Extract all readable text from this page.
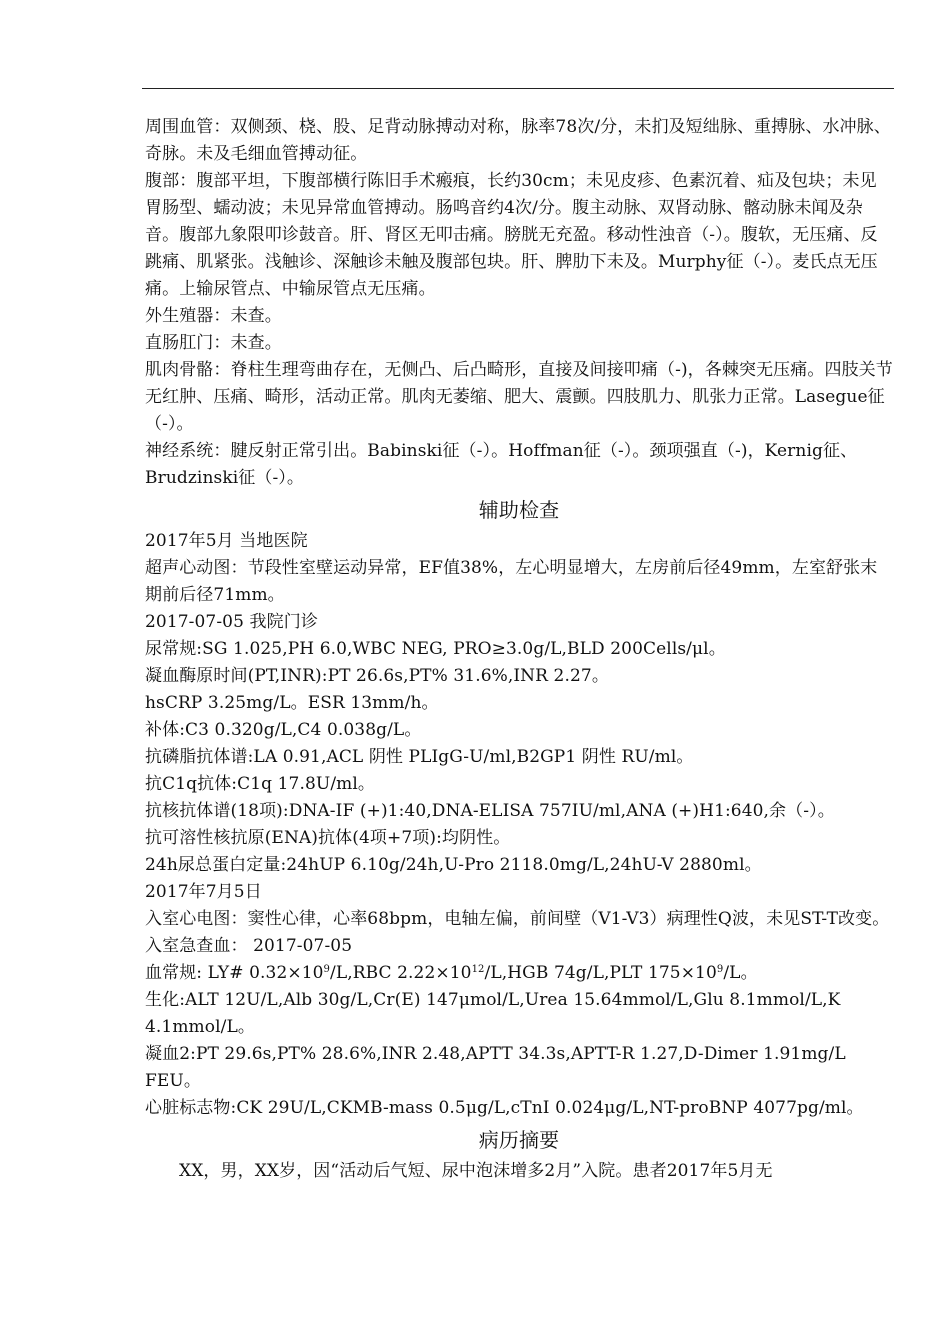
周围血管：双侧颈、桡、股、足背动脉搏动对称，脉率78次/分，未扪及短绌脉、重搏脉、水冲脉、奇脉。未及毛细血管搏动征。

腹部：腹部平坦，下腹部横行陈旧手术瘢痕，长约30cm；未见皮疹、色素沉着、疝及包块；未见胃肠型、蠕动波；未见异常血管搏动。肠鸣音约4次/分。腹主动脉、双肾动脉、髂动脉未闻及杂音。腹部九象限叩诊鼓音。肝、肾区无叩击痛。膀胱无充盈。移动性浊音（-）。腹软，无压痛、反跳痛、肌紧张。浅触诊、深触诊未触及腹部包块。肝、脾肋下未及。Murphy征（-）。麦氏点无压痛。上输尿管点、中输尿管点无压痛。

外生殖器：未查。

直肠肛门：未查。

肌肉骨骼：脊柱生理弯曲存在，无侧凸、后凸畸形，直接及间接叩痛（-)，各棘突无压痛。四肢关节无红肿、压痛、畸形，活动正常。肌肉无萎缩、肥大、震颤。四肢肌力、肌张力正常。Lasegue征（-）。

神经系统：腱反射正常引出。Babinski征（-）。Hoffman征（-）。颈项强直（-)，Kernig征、Brudzinski征（-）。

辅助检查

2017年5月 当地医院

超声心动图：节段性室壁运动异常，EF值38%，左心明显增大，左房前后径49mm，左室舒张末期前后径71mm。

2017-07-05 我院门诊

尿常规:SG 1.025,PH 6.0,WBC NEG, PRO≥3.0g/L,BLD 200Cells/μl。

凝血酶原时间(PT,INR):PT 26.6s,PT% 31.6%,INR 2.27。

hsCRP 3.25mg/L。ESR 13mm/h。

补体:C3 0.320g/L,C4 0.038g/L。

抗磷脂抗体谱:LA 0.91,ACL 阴性 PLIgG-U/ml,B2GP1 阴性 RU/ml。

抗C1q抗体:C1q 17.8U/ml。

抗核抗体谱(18项):DNA-IF (+)1:40,DNA-ELISA 757IU/ml,ANA (+)H1:640,余（-）。

抗可溶性核抗原(ENA)抗体(4项+7项):均阴性。

24h尿总蛋白定量:24hUP 6.10g/24h,U-Pro 2118.0mg/L,24hU-V 2880ml。

2017年7月5日

入室心电图：窦性心律，心率68bpm，电轴左偏，前间壁（V1-V3）病理性Q波，未见ST-T改变。

入室急查血： 2017-07-05

血常规: LY# $0.32\times 10^9/L,RBC$ $2.22\times 10^{12}/L,HGB$ 74g/L,PLT $175\times 10^9/L$。

生化:ALT 12U/L,Alb 30g/L,Cr(E) 147μmol/L,Urea 15.64mmol/L,Glu 8.1mmol/L,K 4.1mmol/L。

凝血2:PT 29.6s,PT% 28.6%,INR 2.48,APTT 34.3s,APTT-R 1.27,D-Dimer 1.91mg/L FEU。

心脏标志物:CK 29U/L,CKMB-mass 0.5μg/L,cTnI 0.024μg/L,NT-proBNP 4077pg/ml。

病历摘要

XX，男，XX岁，因“活动后气短、尿中泡沫增多2月”入院。患者2017年5月无
